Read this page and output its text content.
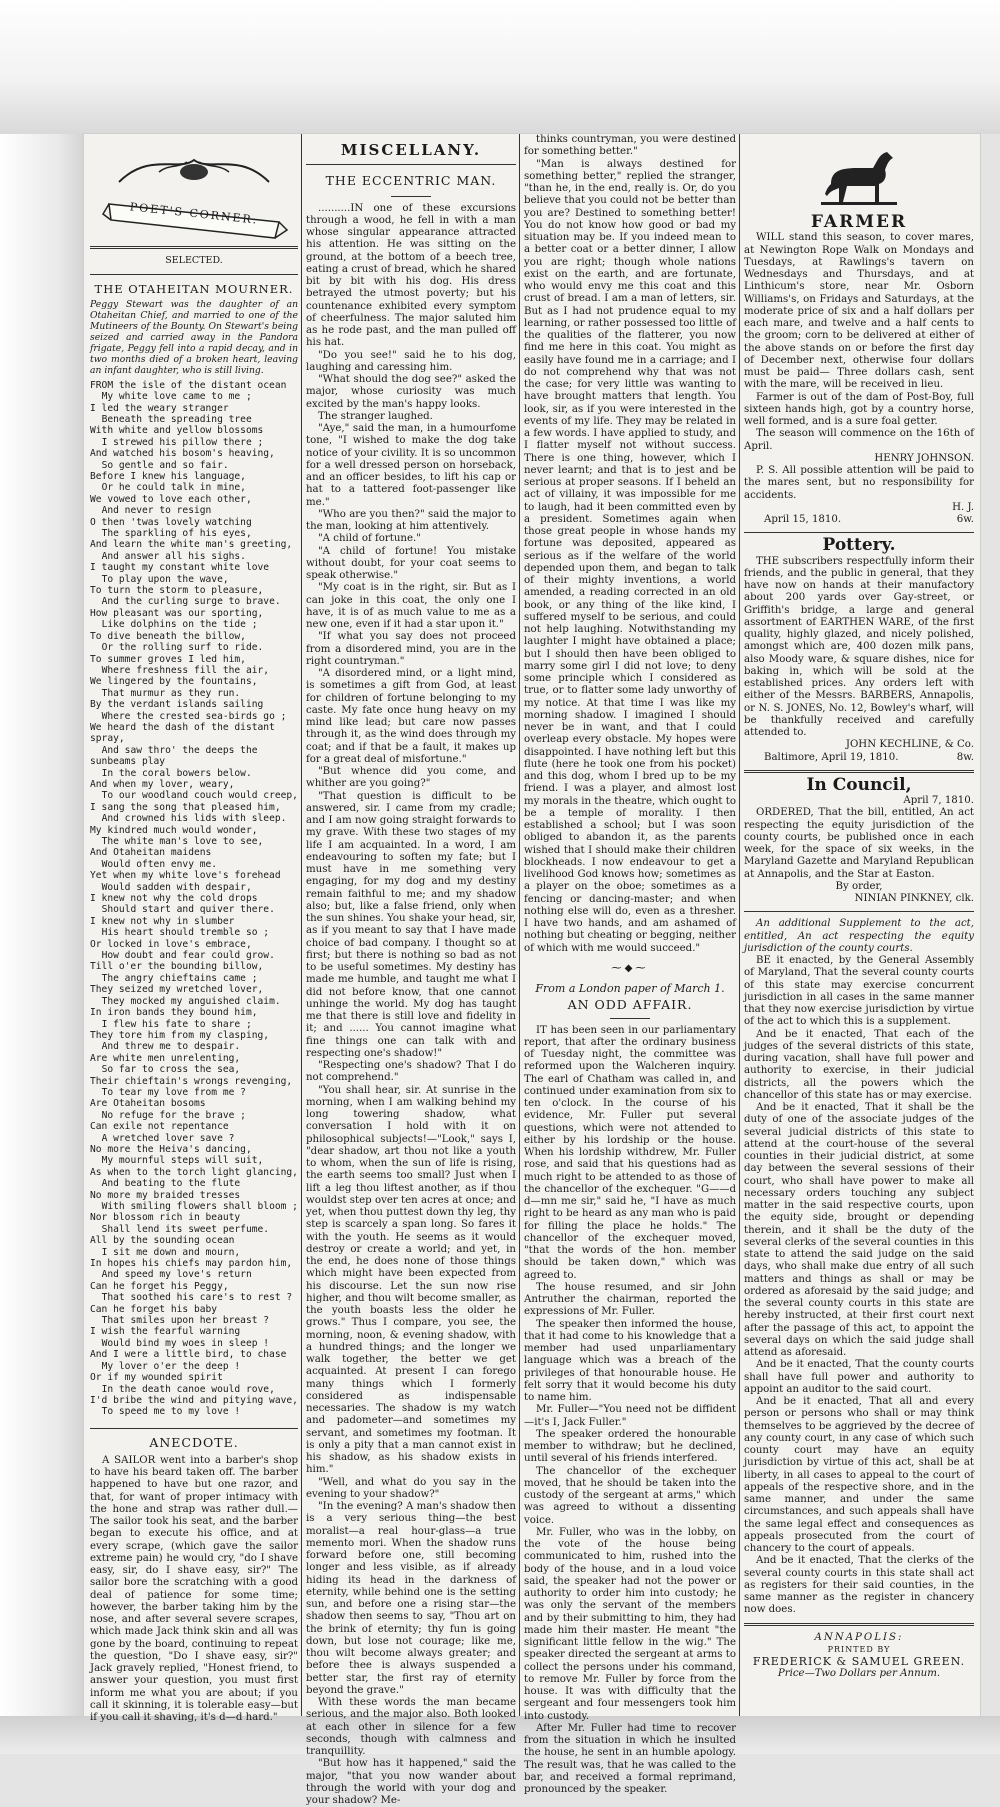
POET'S CORNER.
SELECTED.
THE OTAHEITAN MOURNER.

Peggy Stewart was the daughter of an Otaheitan Chief, and married to one of the Mutineers of the Bounty. On Stewart's being seized and carried away in the Pandora frigate, Peggy fell into a rapid decay, and in two months died of a broken heart, leaving an infant daughter, who is still living.

FROM the isle of the distant ocean
My white love came to me ;
I led the weary stranger
Beneath the spreading tree
With white and yellow blossoms
I strewed his pillow there ;
And watched his bosom's heaving,
So gentle and so fair.
Before I knew his language,
Or he could talk in mine,
We vowed to love each other,
And never to resign
O then 'twas lovely watching
The sparkling of his eyes,
And learn the white man's greeting,
And answer all his sighs.
I taught my constant white love
To play upon the wave,
To turn the storm to pleasure,
And the curling surge to brave.
How pleasant was our sporting,
Like dolphins on the tide ;
To dive beneath the billow,
Or the rolling surf to ride.
To summer groves I led him,
Where freshness fill the air,
We lingered by the fountains,
That murmur as they run.
By the verdant islands sailing
Where the crested sea-birds go ;
We heard the dash of the distant spray,
And saw thro' the deeps the sunbeams play
In the coral bowers below.
And when my lover, weary,
To our woodland couch would creep,
I sang the song that pleased him,
And crowned his lids with sleep.
My kindred much would wonder,
The white man's love to see,
And Otaheitan maidens
Would often envy me.
Yet when my white love's forehead
Would sadden with despair,
I knew not why the cold drops
Should start and quiver there.
I knew not why in slumber
His heart should tremble so ;
Or locked in love's embrace,
How doubt and fear could grow.
Till o'er the bounding billow,
The angry chieftains came ;
They seized my wretched lover,
They mocked my anguished claim.
In iron bands they bound him,
I flew his fate to share ;
They tore him from my clasping,
And threw me to despair.
Are white men unrelenting,
So far to cross the sea,
Their chieftain's wrongs revenging,
To tear my love from me ?
Are Otaheitan bosoms
No refuge for the brave ;
Can exile not repentance
A wretched lover save ?
No more the Heiva's dancing,
My mournful steps will suit,
As when to the torch light glancing,
And beating to the flute
No more my braided tresses
With smiling flowers shall bloom ;
Nor blossom rich in beauty
Shall lend its sweet perfume.
All by the sounding ocean
I sit me down and mourn,
In hopes his chiefs may pardon him,
And speed my love's return
Can he forget his Peggy,
That soothed his care's to rest ?
Can he forget his baby
That smiles upon her breast ?
I wish the fearful warning
Would bind my woes in sleep !
And I were a little bird, to chase
My lover o'er the deep !
Or if my wounded spirit
In the death canoe would rove,
I'd bribe the wind and pitying wave,
To speed me to my love !
ANECDOTE.

A SAILOR went into a barber's shop to have his beard taken off. The barber happened to have but one razor, and that, for want of proper intimacy with the hone and strap was rather dull.—The sailor took his seat, and the barber began to execute his office, and at every scrape, (which gave the sailor extreme pain) he would cry, "do I shave easy, sir, do I shave easy, sir?" The sailor bore the scratching with a good deal of patience for some time; however, the barber taking him by the nose, and after several severe scrapes, which made Jack think skin and all was gone by the board, continuing to repeat the question, "Do I shave easy, sir?" Jack gravely replied, "Honest friend, to answer your question, you must first inform me what you are about; if you call it skinning, it is tolerable easy—but if you call it shaving, it's d—d hard."

MISCELLANY.
THE ECCENTRIC MAN.

..........IN one of these excursions through a wood, he fell in with a man whose singular appearance attracted his attention. He was sitting on the ground, at the bottom of a beech tree, eating a crust of bread, which he shared bit by bit with his dog. His dress betrayed the utmost poverty; but his countenance exhibited every symptom of cheerfulness. The major saluted him as he rode past, and the man pulled off his hat.

"Do you see!" said he to his dog, laughing and caressing him.

"What should the dog see?" asked the major, whose curiosity was much excited by the man's happy looks.

The stranger laughed.

"Aye," said the man, in a humourfome tone, "I wished to make the dog take notice of your civility. It is so uncommon for a well dressed person on horseback, and an officer besides, to lift his cap or hat to a tattered foot-passenger like me."

"Who are you then?" said the major to the man, looking at him attentively.

"A child of fortune."

"A child of fortune! You mistake without doubt, for your coat seems to speak otherwise."

"My coat is in the right, sir. But as I can joke in this coat, the only one I have, it is of as much value to me as a new one, even if it had a star upon it."

"If what you say does not proceed from a disordered mind, you are in the right countryman."

"A disordered mind, or a light mind, is sometimes a gift from God, at least for children of fortune belonging to my caste. My fate once hung heavy on my mind like lead; but care now passes through it, as the wind does through my coat; and if that be a fault, it makes up for a great deal of misfortune."

"But whence did you come, and whither are you going?"

"That question is difficult to be answered, sir. I came from my cradle; and I am now going straight forwards to my grave. With these two stages of my life I am acquainted. In a word, I am endeavouring to soften my fate; but I must have in me something very engaging, for my dog and my destiny remain faithful to me; and my shadow also; but, like a false friend, only when the sun shines. You shake your head, sir, as if you meant to say that I have made choice of bad company. I thought so at first; but there is nothing so bad as not to be useful sometimes. My destiny has made me humble, and taught me what I did not before know, that one cannot unhinge the world. My dog has taught me that there is still love and fidelity in it; and ...... You cannot imagine what fine things one can talk with and respecting one's shadow!"

"Respecting one's shadow? That I do not comprehend."

"You shall hear, sir. At sunrise in the morning, when I am walking behind my long towering shadow, what conversation I hold with it on philosophical subjects!—"Look," says I, "dear shadow, art thou not like a youth to whom, when the sun of life is rising, the earth seems too small? Just when I lift a leg thou liftest another, as if thou wouldst step over ten acres at once; and yet, when thou puttest down thy leg, thy step is scarcely a span long. So fares it with the youth. He seems as it would destroy or create a world; and yet, in the end, he does none of those things which might have been expected from his discourse. Let the sun now rise higher, and thou wilt become smaller, as the youth boasts less the older he grows." Thus I compare, you see, the morning, noon, & evening shadow, with a hundred things; and the longer we walk together, the better we get acquainted. At present I can forego many things which I formerly considered as indispensable necessaries. The shadow is my watch and padometer—and sometimes my servant, and sometimes my footman. It is only a pity that a man cannot exist in his shadow, as his shadow exists in him."

"Well, and what do you say in the evening to your shadow?"

"In the evening? A man's shadow then is a very serious thing—the best moralist—a real hour-glass—a true memento mori. When the shadow runs forward before one, still becoming longer and less visible, as if already hiding its head in the darkness of eternity, while behind one is the setting sun, and before one a rising star—the shadow then seems to say, "Thou art on the brink of eternity; thy fun is going down, but lose not courage; like me, thou wilt become always greater; and before thee is always suspended a better star, the first ray of eternity beyond the grave."

With these words the man became serious, and the major also. Both looked at each other in silence for a few seconds, though with calmness and tranquillity.

"But how has it happened," said the major, "that you now wander about through the world with your dog and your shadow? Me-

thinks countryman, you were destined for something better."

"Man is always destined for something better," replied the stranger, "than he, in the end, really is. Or, do you believe that you could not be better than you are? Destined to something better! You do not know how good or bad my situation may be. If you indeed mean to a better coat or a better dinner, I allow you are right; though whole nations exist on the earth, and are fortunate, who would envy me this coat and this crust of bread. I am a man of letters, sir. But as I had not prudence equal to my learning, or rather possessed too little of the qualities of the flatterer, you now find me here in this coat. You might as easily have found me in a carriage; and I do not comprehend why that was not the case; for very little was wanting to have brought matters that length. You look, sir, as if you were interested in the events of my life. They may be related in a few words. I have applied to study, and I flatter myself not without success. There is one thing, however, which I never learnt; and that is to jest and be serious at proper seasons. If I beheld an act of villainy, it was impossible for me to laugh, had it been committed even by a president. Sometimes again when those great people in whose hands my fortune was deposited, appeared as serious as if the welfare of the world depended upon them, and began to talk of their mighty inventions, a world amended, a reading corrected in an old book, or any thing of the like kind, I suffered myself to be serious, and could not help laughing. Notwithstanding my laughter I might have obtained a place; but I should then have been obliged to marry some girl I did not love; to deny some principle which I considered as true, or to flatter some lady unworthy of my notice. At that time I was like my morning shadow. I imagined I should never be in want, and that I could overleap every obstacle. My hopes were disappointed. I have nothing left but this flute (here he took one from his pocket) and this dog, whom I bred up to be my friend. I was a player, and almost lost my morals in the theatre, which ought to be a temple of morality. I then established a school; but I was soon obliged to abandon it, as the parents wished that I should make their children blockheads. I now endeavour to get a livelihood God knows how; sometimes as a player on the oboe; sometimes as a fencing or dancing-master; and when nothing else will do, even as a thresher. I have two hands, and am ashamed of nothing but cheating or begging, neither of which with me would succeed."

⁓◆⁓

From a London paper of March 1.

AN ODD AFFAIR.

IT has been seen in our parliamentary report, that after the ordinary business of Tuesday night, the committee was reformed upon the Walcheren inquiry. The earl of Chatham was called in, and continued under examination from six to ten o'clock. In the course of his evidence, Mr. Fuller put several questions, which were not attended to either by his lordship or the house. When his lordship withdrew, Mr. Fuller rose, and said that his questions had as much right to be attended to as those of the chancellor of the exchequer. "G——d d—mn me sir," said he, "I have as much right to be heard as any man who is paid for filling the place he holds." The chancellor of the exchequer moved, "that the words of the hon. member should be taken down," which was agreed to.

The house resumed, and sir John Antruther the chairman, reported the expressions of Mr. Fuller.

The speaker then informed the house, that it had come to his knowledge that a member had used unparliamentary language which was a breach of the privileges of that honourable house. He felt sorry that it would become his duty to name him.

Mr. Fuller—"You need not be diffident—it's I, Jack Fuller."

The speaker ordered the honourable member to withdraw; but he declined, until several of his friends interfered.

The chancellor of the exchequer moved, that he should be taken into the custody of the sergeant at arms," which was agreed to without a dissenting voice.

Mr. Fuller, who was in the lobby, on the vote of the house being communicated to him, rushed into the body of the house, and in a loud voice said, the speaker had not the power or authority to order him into custody; he was only the servant of the members and by their submitting to him, they had made him their master. He meant "the significant little fellow in the wig." The speaker directed the sergeant at arms to collect the persons under his command, to remove Mr. Fuller by force from the house. It was with difficulty that the sergeant and four messengers took him into custody.

After Mr. Fuller had time to recover from the situation in which he insulted the house, he sent in an humble apology. The result was, that he was called to the bar, and received a formal reprimand, pronounced by the speaker.

FARMER

WILL stand this season, to cover mares, at Newington Rope Walk on Mondays and Tuesdays, at Rawlings's tavern on Wednesdays and Thursdays, and at Linthicum's store, near Mr. Osborn Williams's, on Fridays and Saturdays, at the moderate price of six and a half dollars per each mare, and twelve and a half cents to the groom; corn to be delivered at either of the above stands on or before the first day of December next, otherwise four dollars must be paid— Three dollars cash, sent with the mare, will be received in lieu.

Farmer is out of the dam of Post-Boy, full sixteen hands high, got by a country horse, well formed, and is a sure foal getter.

The season will commence on the 16th of April.

HENRY JOHNSON.

P. S. All possible attention will be paid to the mares sent, but no responsibility for accidents.

H. J.

April 15, 1810.	6w.

Pottery.

THE subscribers respectfully inform their friends, and the public in general, that they have now on hands at their manufactory about 200 yards over Gay-street, or Griffith's bridge, a large and general assortment of EARTHEN WARE, of the first quality, highly glazed, and nicely polished, amongst which are, 400 dozen milk pans, also Moody ware, & square dishes, nice for baking in, which will be sold at the established prices. Any orders left with either of the Messrs. BARBERS, Annapolis, or N. S. JONES, No. 12, Bowley's wharf, will be thankfully received and carefully attended to.

JOHN KECHLINE, & Co.

Baltimore, April 19, 1810.	8w.

In Council,

April 7, 1810.

ORDERED, That the bill, entitled, An act respecting the equity jurisdiction of the county courts, be published once in each week, for the space of six weeks, in the Maryland Gazette and Maryland Republican at Annapolis, and the Star at Easton.

By order,

NINIAN PINKNEY, clk.

An additional Supplement to the act, entitled, An act respecting the equity jurisdiction of the county courts.

BE it enacted, by the General Assembly of Maryland, That the several county courts of this state may exercise concurrent jurisdiction in all cases in the same manner that they now exercise jurisdiction by virtue of the act to which this is a supplement.

And be it enacted, That each of the judges of the several districts of this state, during vacation, shall have full power and authority to exercise, in their judicial districts, all the powers which the chancellor of this state has or may exercise.

And be it enacted, That it shall be the duty of one of the associate judges of the several judicial districts of this state to attend at the court-house of the several counties in their judicial district, at some day between the several sessions of their court, who shall have power to make all necessary orders touching any subject matter in the said respective courts, upon the equity side, brought or depending therein, and it shall be the duty of the several clerks of the several counties in this state to attend the said judge on the said days, who shall make due entry of all such matters and things as shall or may be ordered as aforesaid by the said judge; and the several county courts in this state are hereby instructed, at their first court next after the passage of this act, to appoint the several days on which the said judge shall attend as aforesaid.

And be it enacted, That the county courts shall have full power and authority to appoint an auditor to the said court.

And be it enacted, That all and every person or persons who shall or may think themselves to be aggrieved by the decree of any county court, in any case of which such county court may have an equity jurisdiction by virtue of this act, shall be at liberty, in all cases to appeal to the court of appeals of the respective shore, and in the same manner, and under the same circumstances, and such appeals shall have the same legal effect and consequences as appeals prosecuted from the court of chancery to the court of appeals.

And be it enacted, That the clerks of the several county courts in this state shall act as registers for their said counties, in the same manner as the register in chancery now does.

ANNAPOLIS:

PRINTED BY

FREDERICK & SAMUEL GREEN.

Price—Two Dollars per Annum.
